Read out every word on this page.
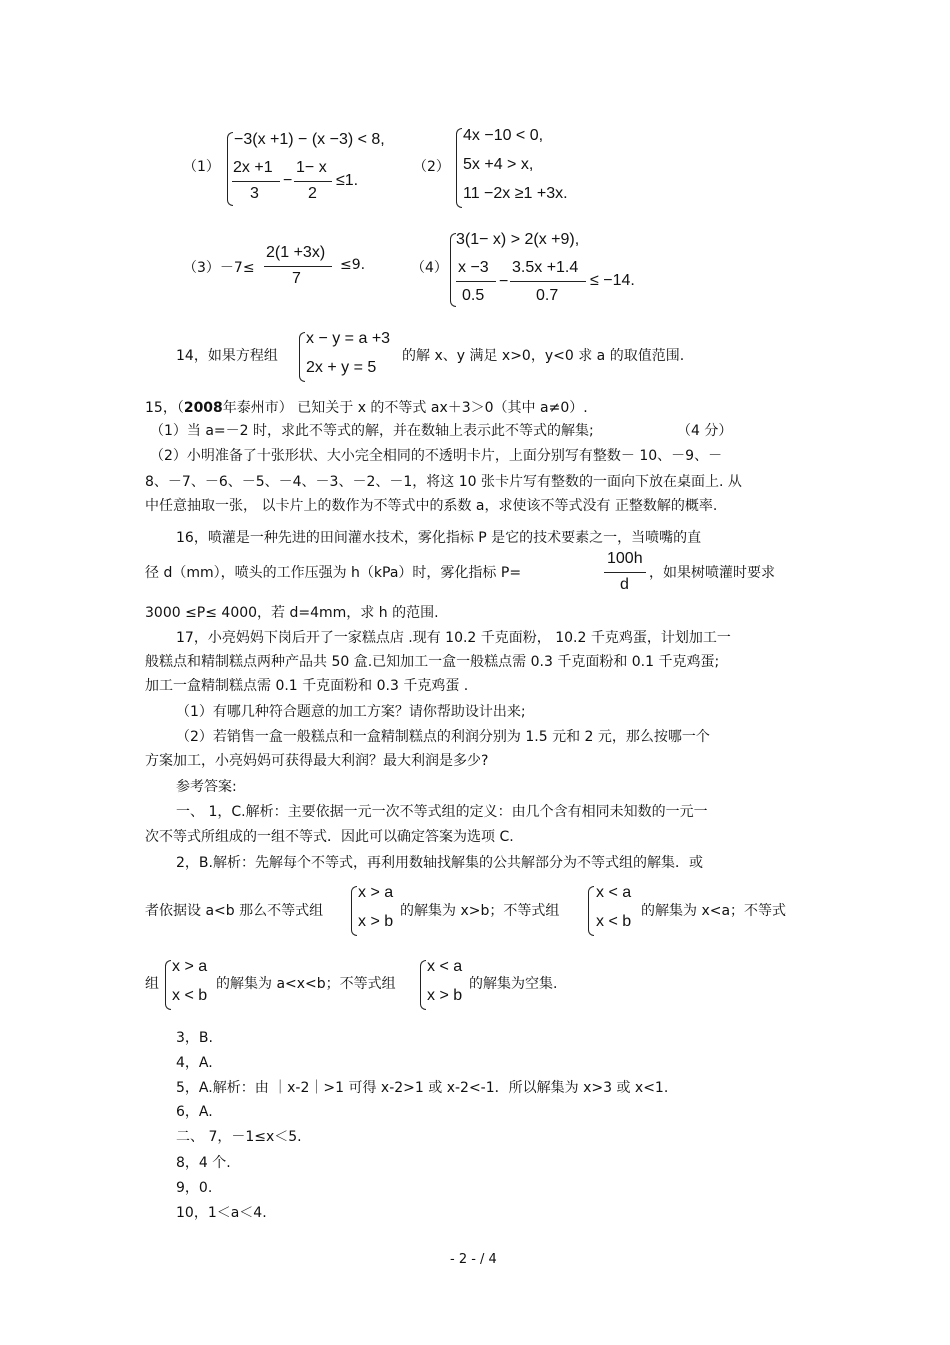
（1）
−3(x +1) − (x −3) < 8,
2x +1
3
−
1− x
2
≤1.
（2）
4x −10 < 0,
5x +4 > x,
11 −2x ≥1 +3x.
（3）－7≤
2(1 +3x)
7
≤9.	（4）
3(1− x) > 2(x +9),
x −3
0.5
−
3.5x +1.4
0.7
≤ −14.
14，如果方程组
x − y = a +3
2x + y = 5
的解 x、y 满足 x>0，y<0 求 a 的取值范围.
15，（2008年泰州市） 已知关于 x 的不等式 ax＋3＞0（其中 a≠0）.
（1）当 a=－2 时，求此不等式的解，并在数轴上表示此不等式的解集;	（4 分）
（2）小明准备了十张形状、大小完全相同的不透明卡片，上面分别写有整数－ 10、－9、－
8、－7、－6、－5、－4、－3、－2、－1，将这 10 张卡片写有整数的一面向下放在桌面上. 从
中任意抽取一张， 以卡片上的数作为不等式中的系数 a，求使该不等式没有 正整数解的概率.
16，喷灌是一种先进的田间灌水技术，雾化指标 P 是它的技术要素之一，当喷嘴的直
径 d（mm），喷头的工作压强为 h（kPa）时，雾化指标 P=
100h
d
，如果树喷灌时要求
3000 ≤P≤ 4000，若 d=4mm，求 h 的范围.
17，小亮妈妈下岗后开了一家糕点店 .现有 10.2 千克面粉， 10.2 千克鸡蛋，计划加工一
般糕点和精制糕点两种产品共 50 盒.已知加工一盒一般糕点需 0.3 千克面粉和 0.1 千克鸡蛋;
加工一盒精制糕点需 0.1 千克面粉和 0.3 千克鸡蛋 .
（1）有哪几种符合题意的加工方案？请你帮助设计出来;
（2）若销售一盒一般糕点和一盒精制糕点的利润分别为 1.5 元和 2 元，那么按哪一个
方案加工，小亮妈妈可获得最大利润？最大利润是多少?
参考答案:
一、 1，C.解析：主要依据一元一次不等式组的定义：由几个含有相同未知数的一元一
次不等式所组成的一组不等式．因此可以确定答案为选项 C.
2，B.解析：先解每个不等式，再利用数轴找解集的公共解部分为不等式组的解集．或
者依据设 a<b 那么不等式组
x > a
x > b
的解集为 x>b；不等式组
x < a
x < b
的解集为 x<a；不等式
组
x > a
x < b
的解集为 a<x<b；不等式组
x < a
x > b
的解集为空集.
3，B.
4，A.
5，A.解析：由 ｜x-2｜>1 可得 x-2>1 或 x-2<-1．所以解集为 x>3 或 x<1.
6，A.
二、 7，－1≤x＜5.
8，4 个.
9，0.
10，1＜a＜4.
- 2 - / 4
